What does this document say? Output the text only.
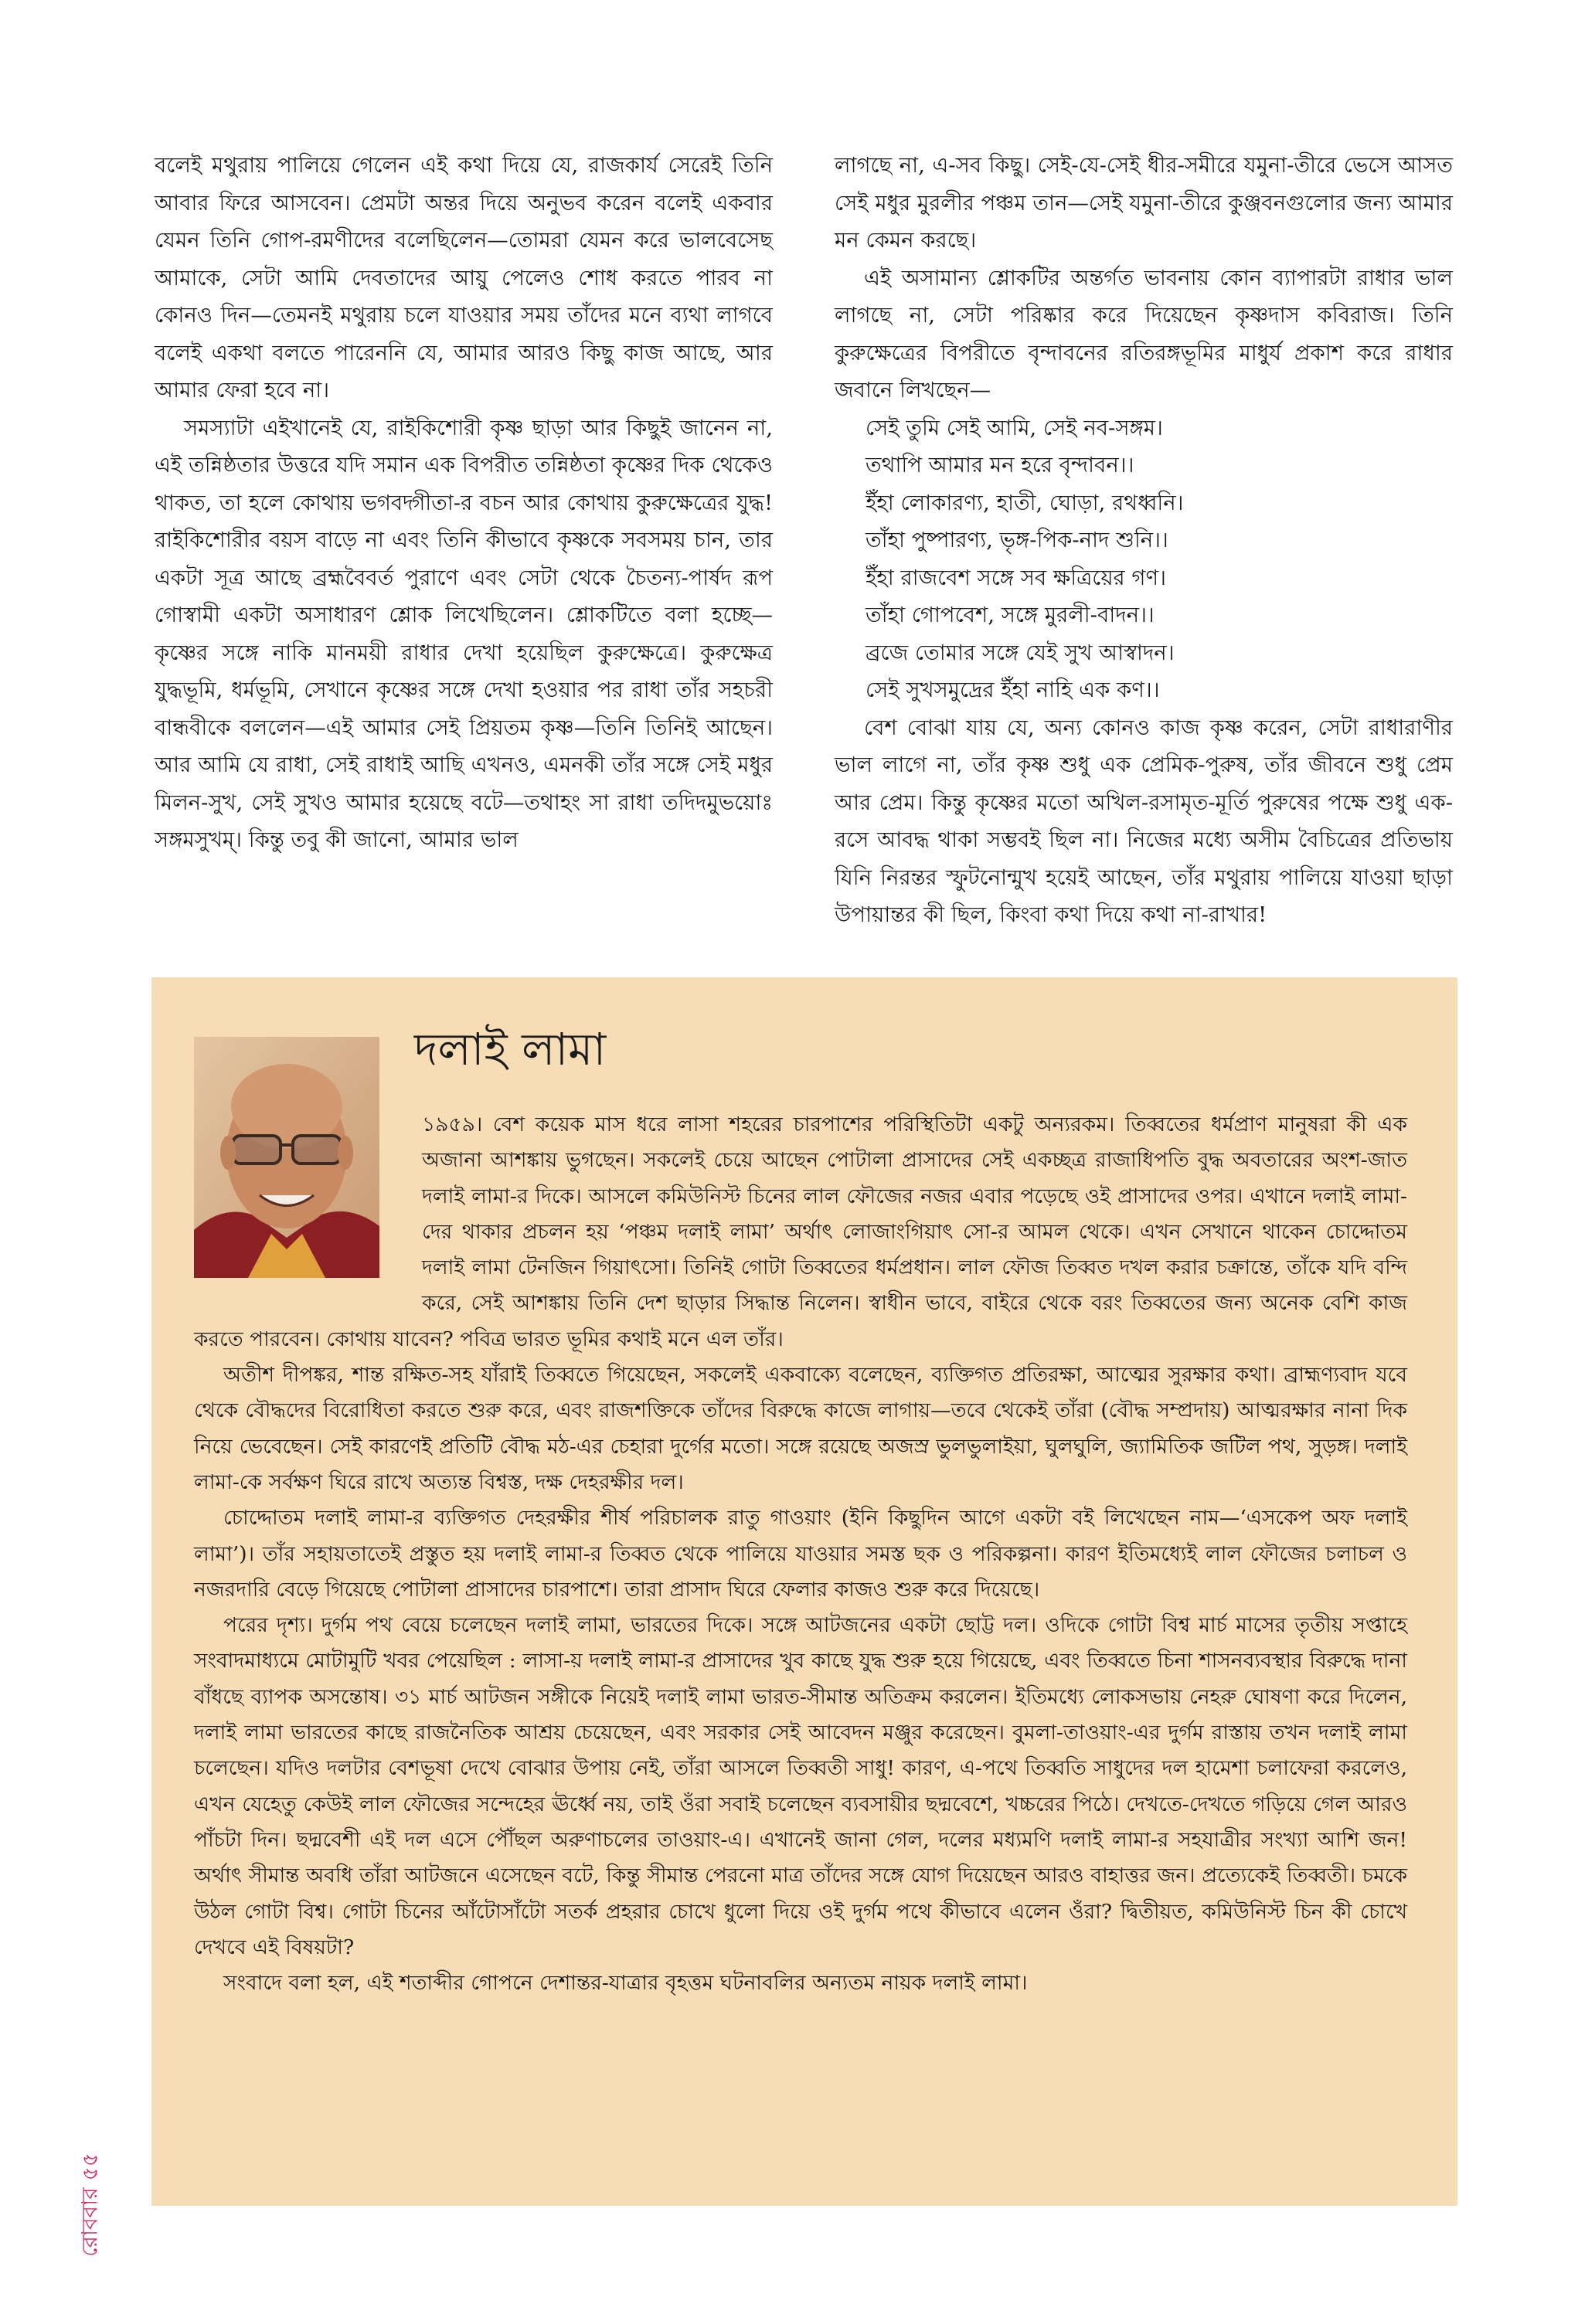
বলেই মথুরায় পালিয়ে গেলেন এই কথা দিয়ে যে, রাজকার্য সেরেই তিনি আবার ফিরে আসবেন। প্রেমটা অন্তর দিয়ে অনুভব করেন বলেই একবার যেমন তিনি গোপ-রমণীদের বলেছিলেন—তোমরা যেমন করে ভালবেসেছ আমাকে, সেটা আমি দেবতাদের আয়ু পেলেও শোধ করতে পারব না কোনও দিন—তেমনই মথুরায় চলে যাওয়ার সময় তাঁদের মনে ব্যথা লাগবে বলেই একথা বলতে পারেননি যে, আমার আরও কিছু কাজ আছে, আর আমার ফেরা হবে না।

সমস্যাটা এইখানেই যে, রাইকিশোরী কৃষ্ণ ছাড়া আর কিছুই জানেন না, এই তন্নিষ্ঠতার উত্তরে যদি সমান এক বিপরীত তন্নিষ্ঠতা কৃষ্ণের দিক থেকেও থাকত, তা হলে কোথায় ভগবদ্গীতা-র বচন আর কোথায় কুরুক্ষেত্রের যুদ্ধ! রাইকিশোরীর বয়স বাড়ে না এবং তিনি কীভাবে কৃষ্ণকে সবসময় চান, তার একটা সূত্র আছে ব্রহ্মবৈবর্ত পুরাণে এবং সেটা থেকে চৈতন্য-পার্ষদ রূপ গোস্বামী একটা অসাধারণ শ্লোক লিখেছিলেন। শ্লোকটিতে বলা হচ্ছে—কৃষ্ণের সঙ্গে নাকি মানময়ী রাধার দেখা হয়েছিল কুরুক্ষেত্রে। কুরুক্ষেত্র যুদ্ধভূমি, ধর্মভূমি, সেখানে কৃষ্ণের সঙ্গে দেখা হওয়ার পর রাধা তাঁর সহচরী বান্ধবীকে বললেন—এই আমার সেই প্রিয়তম কৃষ্ণ—তিনি তিনিই আছেন। আর আমি যে রাধা, সেই রাধাই আছি এখনও, এমনকী তাঁর সঙ্গে সেই মধুর মিলন-সুখ, সেই সুখও আমার হয়েছে বটে—তথাহং সা রাধা তদিদমুভয়োঃ সঙ্গমসুখম্। কিন্তু তবু কী জানো, আমার ভাল

লাগছে না, এ-সব কিছু। সেই-যে-সেই ধীর-সমীরে যমুনা-তীরে ভেসে আসত সেই মধুর মুরলীর পঞ্চম তান—সেই যমুনা-তীরে কুঞ্জবনগুলোর জন্য আমার মন কেমন করছে।

এই অসামান্য শ্লোকটির অন্তর্গত ভাবনায় কোন ব্যাপারটা রাধার ভাল লাগছে না, সেটা পরিষ্কার করে দিয়েছেন কৃষ্ণদাস কবিরাজ। তিনি কুরুক্ষেত্রের বিপরীতে বৃন্দাবনের রতিরঙ্গভূমির মাধুর্য প্রকাশ করে রাধার জবানে লিখছেন—

সেই তুমি সেই আমি, সেই নব-সঙ্গম।
তথাপি আমার মন হরে বৃন্দাবন।।
ইঁহা লোকারণ্য, হাতী, ঘোড়া, রথধ্বনি।
তাঁহা পুষ্পারণ্য, ভৃঙ্গ-পিক-নাদ শুনি।।
ইঁহা রাজবেশ সঙ্গে সব ক্ষত্রিয়ের গণ।
তাঁহা গোপবেশ, সঙ্গে মুরলী-বাদন।।
ব্রজে তোমার সঙ্গে যেই সুখ আস্বাদন।
সেই সুখসমুদ্রের ইঁহা নাহি এক কণ।।

বেশ বোঝা যায় যে, অন্য কোনও কাজ কৃষ্ণ করেন, সেটা রাধারাণীর ভাল লাগে না, তাঁর কৃষ্ণ শুধু এক প্রেমিক-পুরুষ, তাঁর জীবনে শুধু প্রেম আর প্রেম। কিন্তু কৃষ্ণের মতো অখিল-রসামৃত-মূর্তি পুরুষের পক্ষে শুধু এক-রসে আবদ্ধ থাকা সম্ভবই ছিল না। নিজের মধ্যে অসীম বৈচিত্রের প্রতিভায় যিনি নিরন্তর স্ফুটনোন্মুখ হয়েই আছেন, তাঁর মথুরায় পালিয়ে যাওয়া ছাড়া উপায়ান্তর কী ছিল, কিংবা কথা দিয়ে কথা না-রাখার!

দলাই লামা

১৯৫৯। বেশ কয়েক মাস ধরে লাসা শহরের চারপাশের পরিস্থিতিটা একটু অন্যরকম। তিব্বতের ধর্মপ্রাণ মানুষরা কী এক অজানা আশঙ্কায় ভুগছেন। সকলেই চেয়ে আছেন পোটালা প্রাসাদের সেই একচ্ছত্র রাজাধিপতি বুদ্ধ অবতারের অংশ-জাত দলাই লামা-র দিকে। আসলে কমিউনিস্ট চিনের লাল ফৌজের নজর এবার পড়েছে ওই প্রাসাদের ওপর। এখানে দলাই লামা-দের থাকার প্রচলন হয় ‘পঞ্চম দলাই লামা’ অর্থাৎ লোজাংগিয়াৎ সো-র আমল থেকে। এখন সেখানে থাকেন চোদ্দোতম দলাই লামা টেনজিন গিয়াৎসো। তিনিই গোটা তিব্বতের ধর্মপ্রধান। লাল ফৌজ তিব্বত দখল করার চক্রান্তে, তাঁকে যদি বন্দি করে, সেই আশঙ্কায় তিনি দেশ ছাড়ার সিদ্ধান্ত নিলেন। স্বাধীন ভাবে, বাইরে থেকে বরং তিব্বতের জন্য অনেক বেশি কাজ করতে পারবেন। কোথায় যাবেন? পবিত্র ভারত ভূমির কথাই মনে এল তাঁর।

অতীশ দীপঙ্কর, শান্ত রক্ষিত-সহ যাঁরাই তিব্বতে গিয়েছেন, সকলেই একবাক্যে বলেছেন, ব্যক্তিগত প্রতিরক্ষা, আত্মের সুরক্ষার কথা। ব্রাহ্মণ্যবাদ যবে থেকে বৌদ্ধদের বিরোধিতা করতে শুরু করে, এবং রাজশক্তিকে তাঁদের বিরুদ্ধে কাজে লাগায়—তবে থেকেই তাঁরা (বৌদ্ধ সম্প্রদায়) আত্মরক্ষার নানা দিক নিয়ে ভেবেছেন। সেই কারণেই প্রতিটি বৌদ্ধ মঠ-এর চেহারা দুর্গের মতো। সঙ্গে রয়েছে অজস্র ভুলভুলাইয়া, ঘুলঘুলি, জ্যামিতিক জটিল পথ, সুড়ঙ্গ। দলাই লামা-কে সর্বক্ষণ ঘিরে রাখে অত্যন্ত বিশ্বস্ত, দক্ষ দেহরক্ষীর দল।

চোদ্দোতম দলাই লামা-র ব্যক্তিগত দেহরক্ষীর শীর্ষ পরিচালক রাতু গাওয়াং (ইনি কিছুদিন আগে একটা বই লিখেছেন নাম—‘এসকেপ অফ দলাই লামা’)। তাঁর সহায়তাতেই প্রস্তুত হয় দলাই লামা-র তিব্বত থেকে পালিয়ে যাওয়ার সমস্ত ছক ও পরিকল্পনা। কারণ ইতিমধ্যেই লাল ফৌজের চলাচল ও নজরদারি বেড়ে গিয়েছে পোটালা প্রাসাদের চারপাশে। তারা প্রাসাদ ঘিরে ফেলার কাজও শুরু করে দিয়েছে।

পরের দৃশ্য। দুর্গম পথ বেয়ে চলেছেন দলাই লামা, ভারতের দিকে। সঙ্গে আটজনের একটা ছোট্ট দল। ওদিকে গোটা বিশ্ব মার্চ মাসের তৃতীয় সপ্তাহে সংবাদমাধ্যমে মোটামুটি খবর পেয়েছিল : লাসা-য় দলাই লামা-র প্রাসাদের খুব কাছে যুদ্ধ শুরু হয়ে গিয়েছে, এবং তিব্বতে চিনা শাসনব্যবস্থার বিরুদ্ধে দানা বাঁধছে ব্যাপক অসন্তোষ। ৩১ মার্চ আটজন সঙ্গীকে নিয়েই দলাই লামা ভারত-সীমান্ত অতিক্রম করলেন। ইতিমধ্যে লোকসভায় নেহরু ঘোষণা করে দিলেন, দলাই লামা ভারতের কাছে রাজনৈতিক আশ্রয় চেয়েছেন, এবং সরকার সেই আবেদন মঞ্জুর করেছেন। বুমলা-তাওয়াং-এর দুর্গম রাস্তায় তখন দলাই লামা চলেছেন। যদিও দলটার বেশভূষা দেখে বোঝার উপায় নেই, তাঁরা আসলে তিব্বতী সাধু! কারণ, এ-পথে তিব্বতি সাধুদের দল হামেশা চলাফেরা করলেও, এখন যেহেতু কেউই লাল ফৌজের সন্দেহের ঊর্ধ্বে নয়, তাই ওঁরা সবাই চলেছেন ব্যবসায়ীর ছদ্মবেশে, খচ্চরের পিঠে। দেখতে-দেখতে গড়িয়ে গেল আরও পাঁচটা দিন। ছদ্মবেশী এই দল এসে পৌঁছল অরুণাচলের তাওয়াং-এ। এখানেই জানা গেল, দলের মধ্যমণি দলাই লামা-র সহযাত্রীর সংখ্যা আশি জন! অর্থাৎ সীমান্ত অবধি তাঁরা আটজনে এসেছেন বটে, কিন্তু সীমান্ত পেরনো মাত্র তাঁদের সঙ্গে যোগ দিয়েছেন আরও বাহাত্তর জন। প্রত্যেকেই তিব্বতী। চমকে উঠল গোটা বিশ্ব। গোটা চিনের আঁটোসাঁটো সতর্ক প্রহরার চোখে ধুলো দিয়ে ওই দুর্গম পথে কীভাবে এলেন ওঁরা? দ্বিতীয়ত, কমিউনিস্ট চিন কী চোখে দেখবে এই বিষয়টা?

সংবাদে বলা হল, এই শতাব্দীর গোপনে দেশান্তর-যাত্রার বৃহত্তম ঘটনাবলির অন্যতম নায়ক দলাই লামা।

রোববার ৫৫
